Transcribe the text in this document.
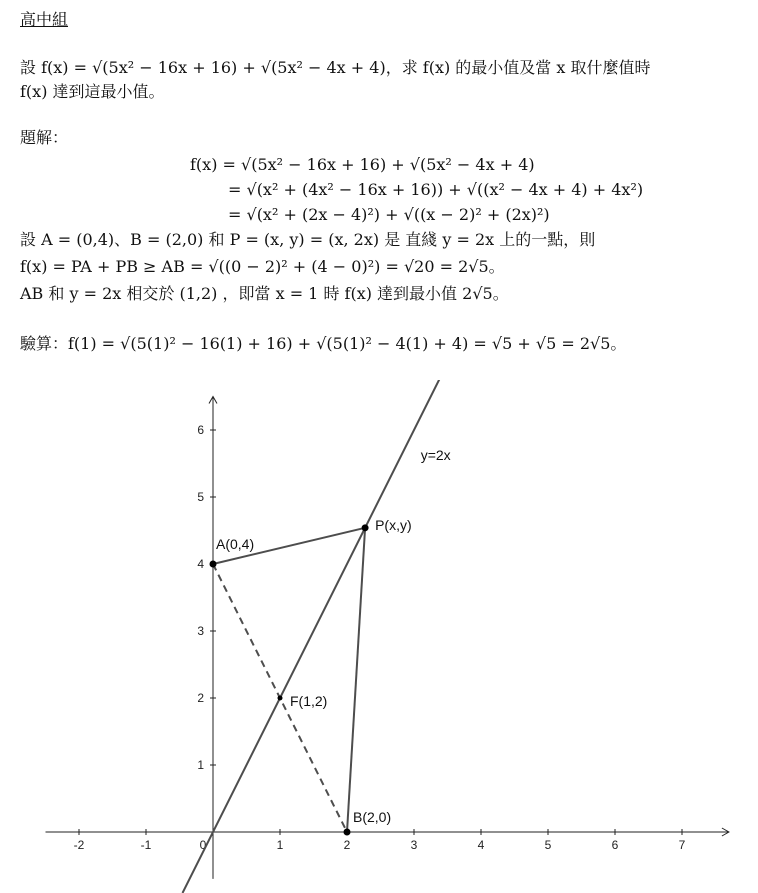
高中組
設 f(x) = √(5x² − 16x + 16) + √(5x² − 4x + 4)，求 f(x) 的最小值及當 x 取什麼值時
f(x) 達到這最小值。
題解：
f(x) = √(5x² − 16x + 16) + √(5x² − 4x + 4)
= √(x² + (4x² − 16x + 16)) + √((x² − 4x + 4) + 4x²)
= √(x² + (2x − 4)²) + √((x − 2)² + (2x)²)
設 A = (0,4)、B = (2,0) 和 P = (x, y) = (x, 2x) 是 直綫 y = 2x 上的一點，則
f(x) = PA + PB ≥ AB = √((0 − 2)² + (4 − 0)²) = √20 = 2√5。
AB 和 y = 2x 相交於 (1,2) ，即當 x = 1 時 f(x) 達到最小值 2√5。
驗算：f(1) = √(5(1)² − 16(1) + 16) + √(5(1)² − 4(1) + 4) = √5 + √5 = 2√5。
-2	-1	0	1	2	3	4	5	6	7
1
2
3
4
5
6
y=2x
A(0,4)
B(2,0)
P(x,y)
F(1,2)
